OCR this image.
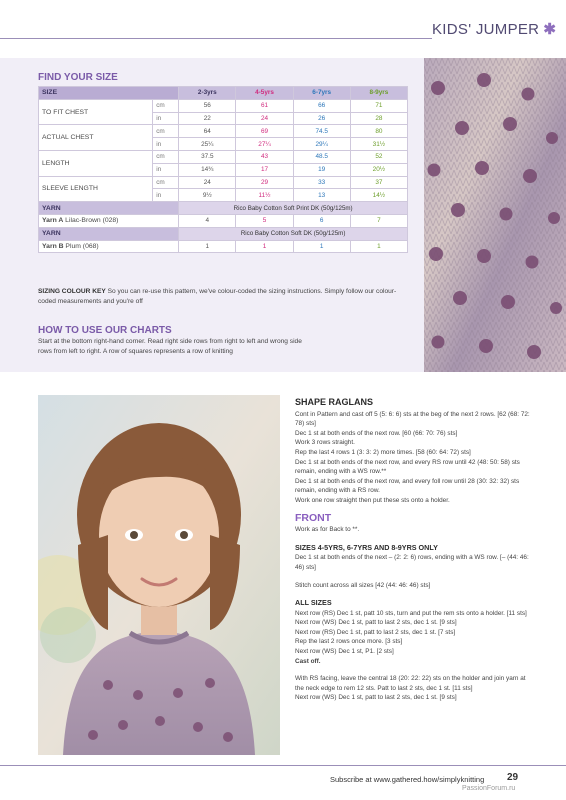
KIDS' JUMPER ✱
FIND YOUR SIZE
SIZE		2-3yrs	4-5yrs	6-7yrs	8-9yrs
TO FIT CHEST	cm	56	61	66	71
	in	22	24	26	28
ACTUAL CHEST	cm	64	69	74.5	80
	in	25¼	27¼	29¼	31½
LENGTH	cm	37.5	43	48.5	52
	in	14¾	17	19	20½
SLEEVE LENGTH	cm	24	29	33	37
	in	9½	11½	13	14½
YARN		Rico Baby Cotton Soft Print DK (50g/125m)			
Yarn A Lilac-Brown (028)		4	5	6	7
YARN		Rico Baby Cotton Soft DK (50g/125m)			
Yarn B Plum (068)		1	1	1	1
SIZING COLOUR KEY So you can re-use this pattern, we've colour-coded the sizing instructions. Simply follow our colour-coded measurements and you're off
HOW TO USE OUR CHARTS
Start at the bottom right-hand corner. Read right side rows from right to left and wrong side rows from left to right. A row of squares represents a row of knitting
SHAPE RAGLANS

Cont in Pattern and cast off 5 (5: 6: 6) sts at the beg of the next 2 rows. [62 (68: 72: 78) sts]

Dec 1 st at both ends of the next row. [60 (66: 70: 76) sts]

Work 3 rows straight.

Rep the last 4 rows 1 (3: 3: 2) more times. [58 (60: 64: 72) sts]

Dec 1 st at both ends of the next row, and every RS row until 42 (48: 50: 58) sts remain, ending with a WS row.**

Dec 1 st at both ends of the next row, and every foll row until 28 (30: 32: 32) sts remain, ending with a RS row.

Work one row straight then put these sts onto a holder.

FRONT

Work as for Back to **.

SIZES 4-5YRS, 6-7YRS AND 8-9YRS ONLY

Dec 1 st at both ends of the next – (2: 2: 6) rows, ending with a WS row. [– (44: 46: 46) sts]

Stitch count across all sizes [42 (44: 46: 46) sts]

ALL SIZES

Next row (RS) Dec 1 st, patt 10 sts, turn and put the rem sts onto a holder. [11 sts]

Next row (WS) Dec 1 st, patt to last 2 sts, dec 1 st. [9 sts]

Next row (RS) Dec 1 st, patt to last 2 sts, dec 1 st. [7 sts]

Rep the last 2 rows once more. [3 sts]

Next row (WS) Dec 1 st, P1. [2 sts]

Cast off.

With RS facing, leave the central 18 (20: 22: 22) sts on the holder and join yarn at the neck edge to rem 12 sts. Patt to last 2 sts, dec 1 st. [11 sts]

Next row (WS) Dec 1 st, patt to last 2 sts, dec 1 st. [9 sts]

Subscribe at www.gathered.how/simplyknitting 29
PassionForum.ru
